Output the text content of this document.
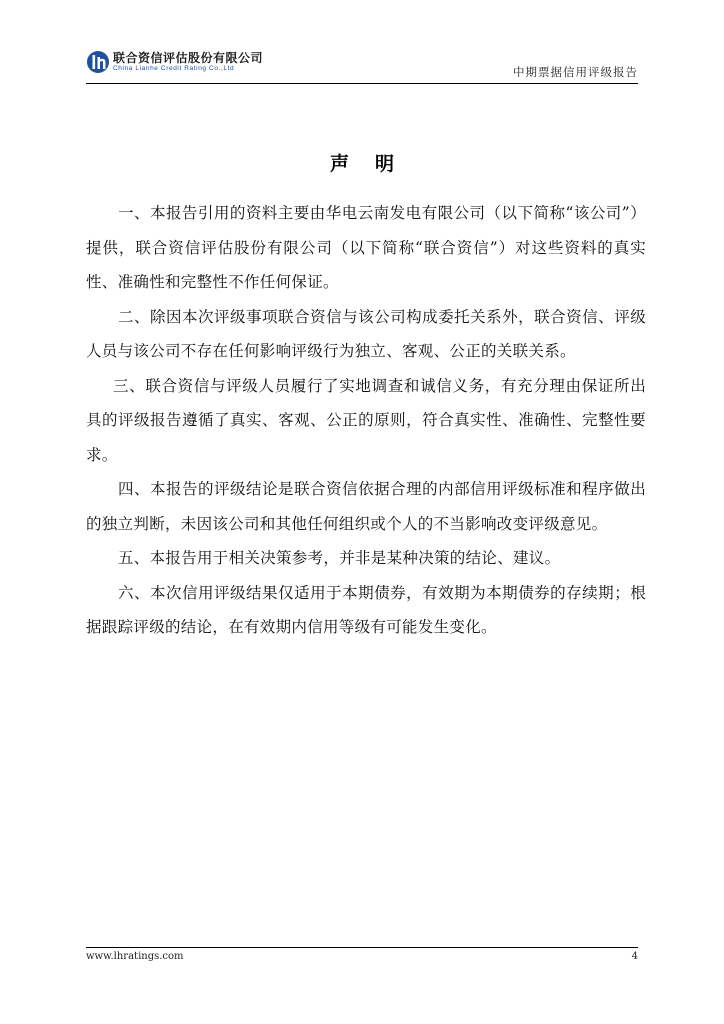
联合资信评估股份有限公司
China Lianhe Credit Rating Co.,Ltd	中期票据信用评级报告
声明

一、本报告引用的资料主要由华电云南发电有限公司（以下简称“该公司”）提供，联合资信评估股份有限公司（以下简称“联合资信”）对这些资料的真实性、准确性和完整性不作任何保证。

二、除因本次评级事项联合资信与该公司构成委托关系外，联合资信、评级人员与该公司不存在任何影响评级行为独立、客观、公正的关联关系。

三、联合资信与评级人员履行了实地调查和诚信义务，有充分理由保证所出具的评级报告遵循了真实、客观、公正的原则，符合真实性、准确性、完整性要求。

四、本报告的评级结论是联合资信依据合理的内部信用评级标准和程序做出的独立判断，未因该公司和其他任何组织或个人的不当影响改变评级意见。

五、本报告用于相关决策参考，并非是某种决策的结论、建议。

六、本次信用评级结果仅适用于本期债券，有效期为本期债券的存续期；根据跟踪评级的结论，在有效期内信用等级有可能发生变化。

www.lhratings.com	4
